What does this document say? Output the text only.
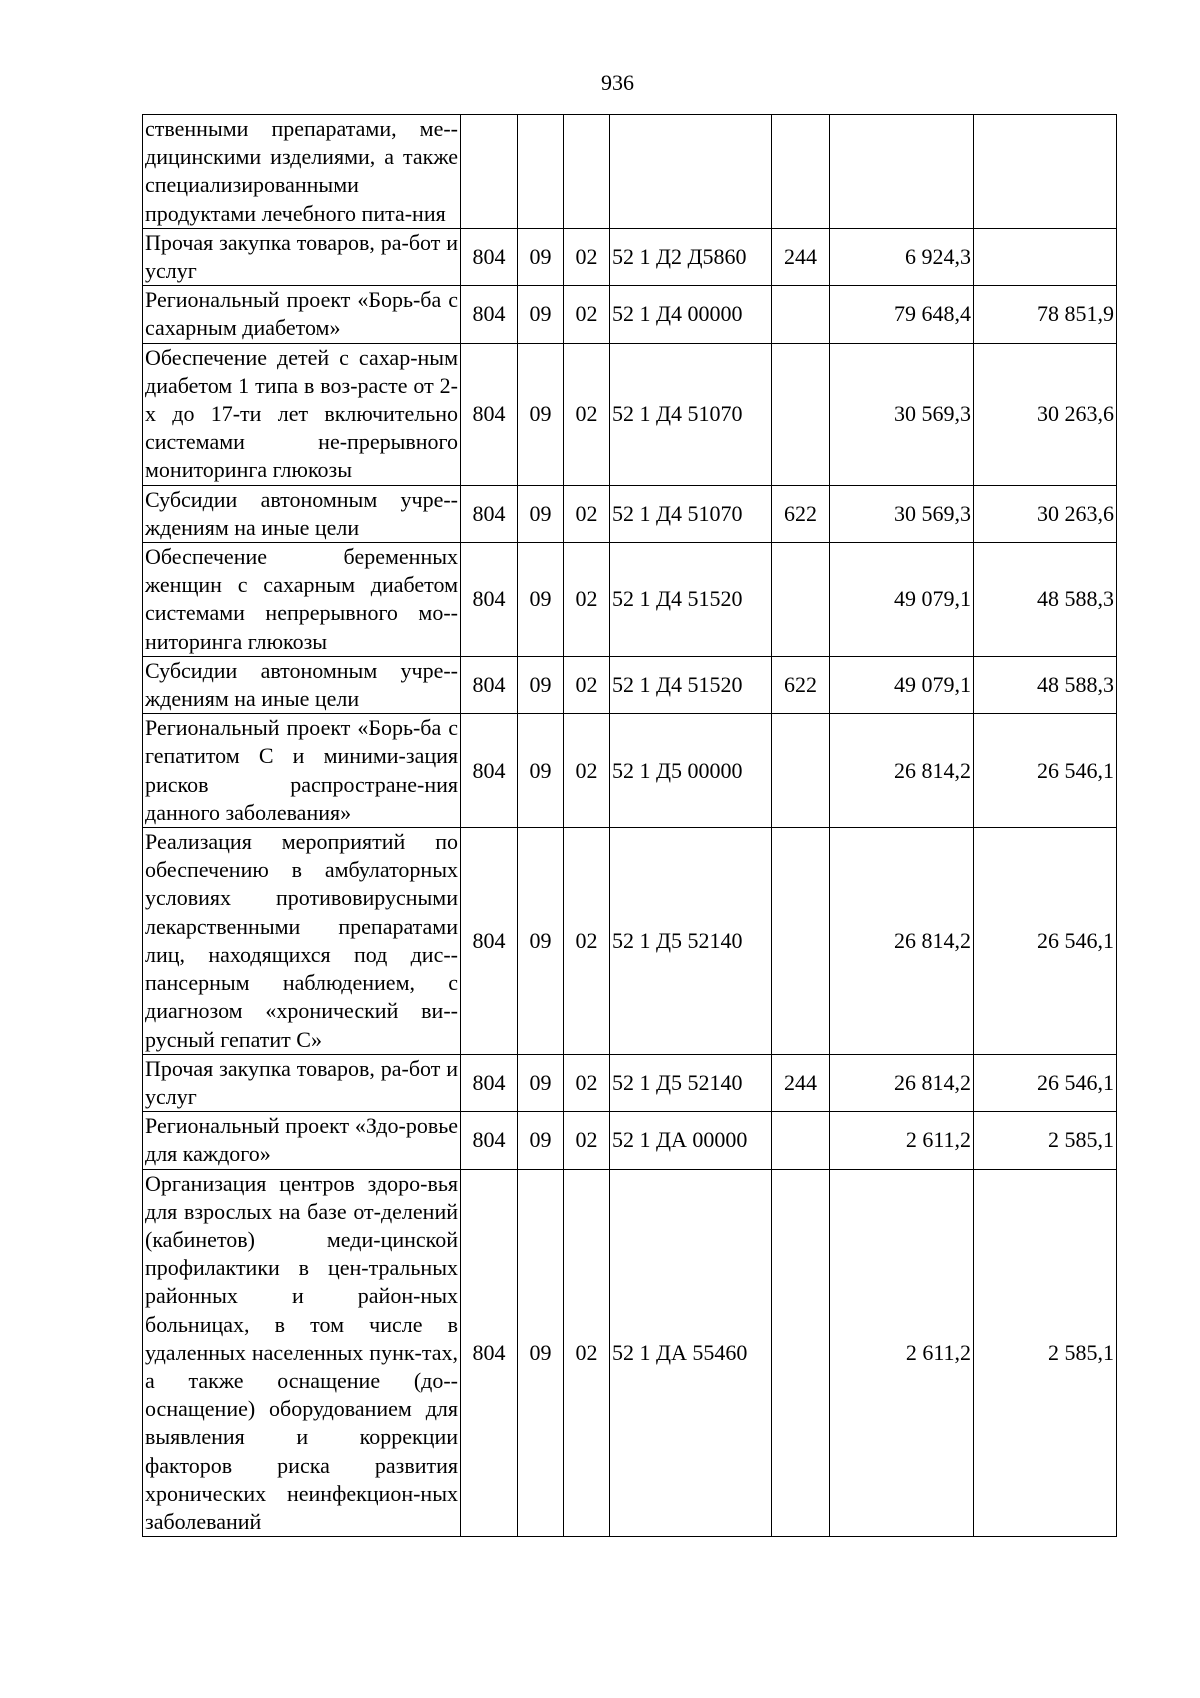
936
ственными препаратами, ме-дицинскими изделиями, а также специализированными продуктами лечебного пита-ния							
Прочая закупка товаров, ра-бот и услуг	804	09	02	52 1 Д2 Д5860	244	6 924,3	
Региональный проект «Борь-ба с сахарным диабетом»	804	09	02	52 1 Д4 00000		79 648,4	78 851,9
Обеспечение детей с сахар-ным диабетом 1 типа в воз-расте от 2-х до 17-ти лет включительно системами не-прерывного мониторинга глюкозы	804	09	02	52 1 Д4 51070		30 569,3	30 263,6
Субсидии автономным учре-ждениям на иные цели	804	09	02	52 1 Д4 51070	622	30 569,3	30 263,6
Обеспечение беременных женщин с сахарным диабетом системами непрерывного мо-ниторинга глюкозы	804	09	02	52 1 Д4 51520		49 079,1	48 588,3
Субсидии автономным учре-ждениям на иные цели	804	09	02	52 1 Д4 51520	622	49 079,1	48 588,3
Региональный проект «Борь-ба с гепатитом С и миними-зация рисков распростране-ния данного заболевания»	804	09	02	52 1 Д5 00000		26 814,2	26 546,1
Реализация мероприятий по обеспечению в амбулаторных условиях противовирусными лекарственными препаратами лиц, находящихся под дис-пансерным наблюдением, с диагнозом «хронический ви-русный гепатит С»	804	09	02	52 1 Д5 52140		26 814,2	26 546,1
Прочая закупка товаров, ра-бот и услуг	804	09	02	52 1 Д5 52140	244	26 814,2	26 546,1
Региональный проект «Здо-ровье для каждого»	804	09	02	52 1 ДА 00000		2 611,2	2 585,1
Организация центров здоро-вья для взрослых на базе от-делений (кабинетов) меди-цинской профилактики в цен-тральных районных и район-ных больницах, в том числе в удаленных населенных пунк-тах, а также оснащение (до-оснащение) оборудованием для выявления и коррекции факторов риска развития хронических неинфекцион-ных заболеваний	804	09	02	52 1 ДА 55460		2 611,2	2 585,1
